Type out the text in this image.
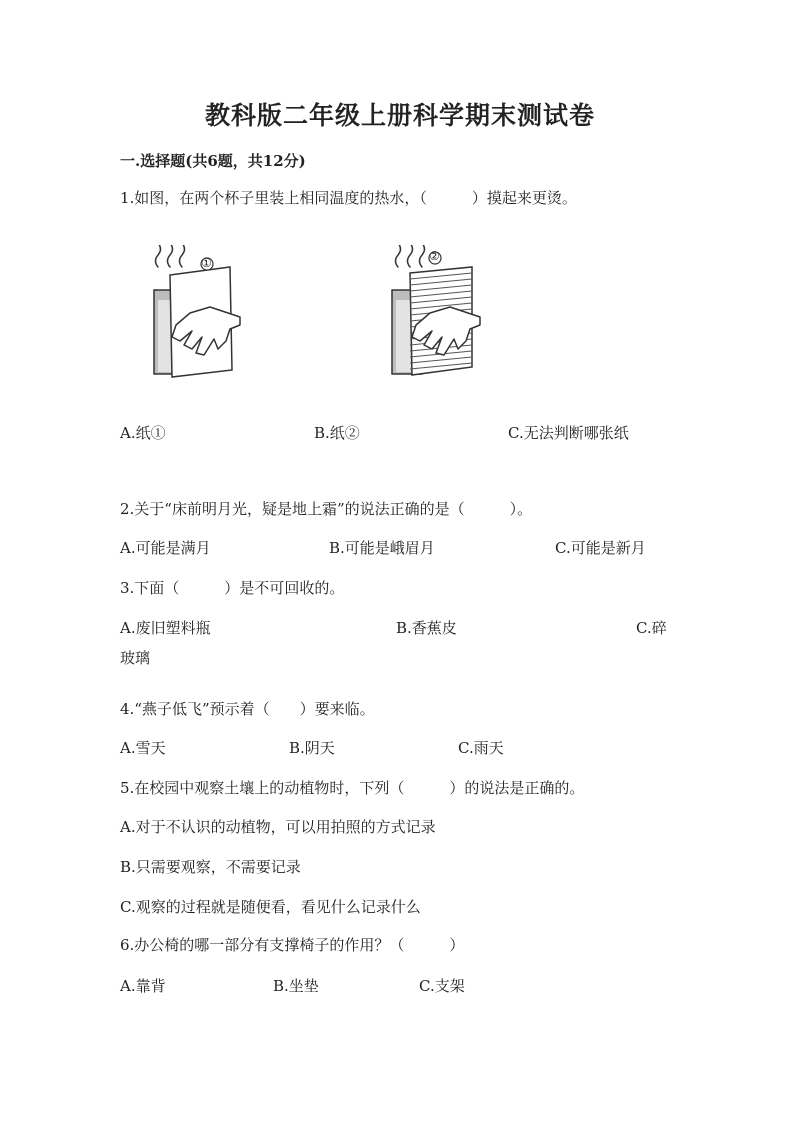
教科版二年级上册科学期末测试卷
一.选择题(共6题，共12分)
1.如图，在两个杯子里装上相同温度的热水，（　　　）摸起来更烫。
①	②
A.纸①	B.纸②	C.无法判断哪张纸
2.关于“床前明月光，疑是地上霜”的说法正确的是（　　　）。
A.可能是满月	B.可能是峨眉月	C.可能是新月
3.下面（　　　）是不可回收的。
A.废旧塑料瓶	B.香蕉皮	C.碎
玻璃
4.“燕子低飞”预示着（　　）要来临。
A.雪天	B.阴天	C.雨天
5.在校园中观察土壤上的动植物时，下列（　　　）的说法是正确的。
A.对于不认识的动植物，可以用拍照的方式记录
B.只需要观察，不需要记录
C.观察的过程就是随便看，看见什么记录什么
6.办公椅的哪一部分有支撑椅子的作用？（　　　）
A.靠背	B.坐垫	C.支架
